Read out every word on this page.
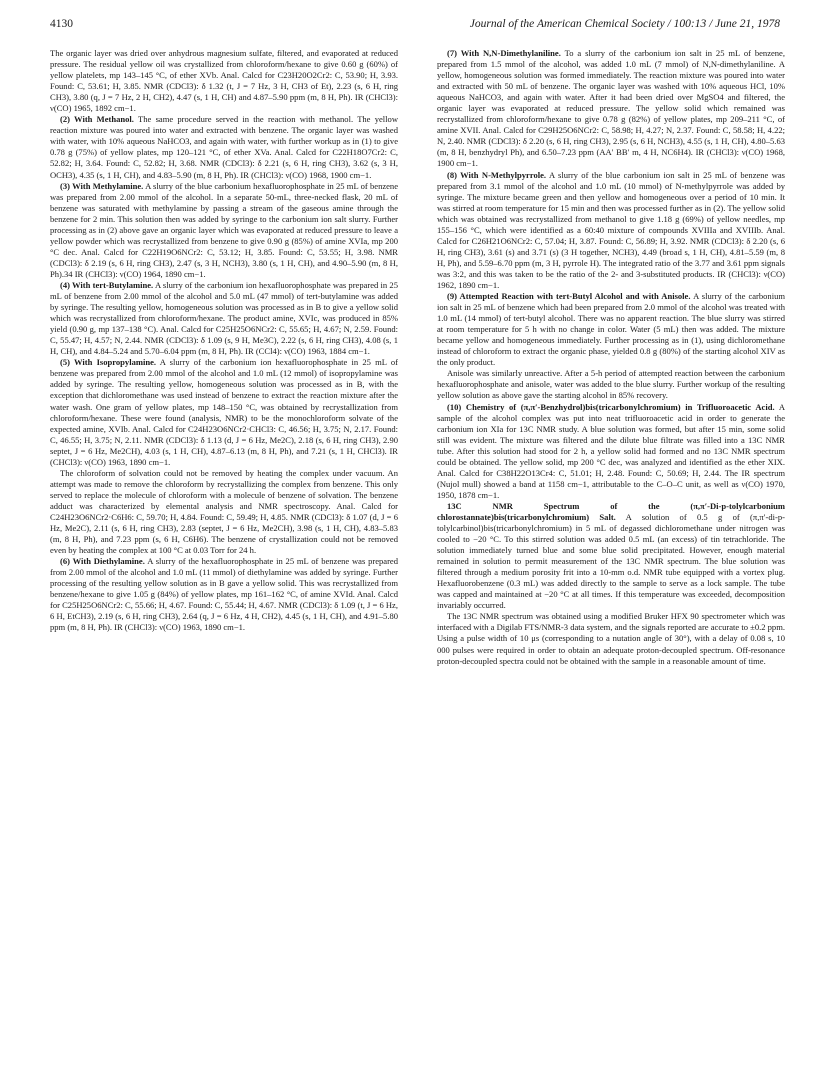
4130	Journal of the American Chemical Society / 100:13 / June 21, 1978

The organic layer was dried over anhydrous magnesium sulfate, filtered, and evaporated at reduced pressure. The residual yellow oil was crystallized from chloroform/hexane to give 0.60 g (60%) of yellow platelets, mp 143–145 °C, of ether XVb. Anal. Calcd for C23H20O2Cr2: C, 53.90; H, 3.93. Found: C, 53.61; H, 3.85. NMR (CDCl3): δ 1.32 (t, J = 7 Hz, 3 H, CH3 of Et), 2.23 (s, 6 H, ring CH3), 3.80 (q, J = 7 Hz, 2 H, CH2), 4.47 (s, 1 H, CH) and 4.87–5.90 ppm (m, 8 H, Ph). IR (CHCl3): ν(CO) 1965, 1892 cm−1.

(2) With Methanol. The same procedure served in the reaction with methanol. The yellow reaction mixture was poured into water and extracted with benzene. The organic layer was washed with water, with 10% aqueous NaHCO3, and again with water, with further workup as in (1) to give 0.78 g (75%) of yellow plates, mp 120–121 °C, of ether XVa. Anal. Calcd for C22H18O7Cr2: C, 52.82; H, 3.64. Found: C, 52.82; H, 3.68. NMR (CDCl3): δ 2.21 (s, 6 H, ring CH3), 3.62 (s, 3 H, OCH3), 4.35 (s, 1 H, CH), and 4.83–5.90 (m, 8 H, Ph). IR (CHCl3): ν(CO) 1968, 1900 cm−1.

(3) With Methylamine. A slurry of the blue carbonium hexafluorophosphate in 25 mL of benzene was prepared from 2.00 mmol of the alcohol. In a separate 50-mL, three-necked flask, 20 mL of benzene was saturated with methylamine by passing a stream of the gaseous amine through the benzene for 2 min. This solution then was added by syringe to the carbonium ion salt slurry. Further processing as in (2) above gave an organic layer which was evaporated at reduced pressure to leave a yellow powder which was recrystallized from benzene to give 0.90 g (85%) of amine XVIa, mp 200 °C dec. Anal. Calcd for C22H19O6NCr2: C, 53.12; H, 3.85. Found: C, 53.55; H, 3.98. NMR (CDCl3): δ 2.19 (s, 6 H, ring CH3), 2.47 (s, 3 H, NCH3), 3.80 (s, 1 H, CH), and 4.90–5.90 (m, 8 H, Ph).34 IR (CHCl3): ν(CO) 1964, 1890 cm−1.

(4) With tert-Butylamine. A slurry of the carbonium ion hexafluorophosphate was prepared in 25 mL of benzene from 2.00 mmol of the alcohol and 5.0 mL (47 mmol) of tert-butylamine was added by syringe. The resulting yellow, homogeneous solution was processed as in B to give a yellow solid which was recrystallized from chloroform/hexane. The product amine, XVIc, was produced in 85% yield (0.90 g, mp 137–138 °C). Anal. Calcd for C25H25O6NCr2: C, 55.65; H, 4.67; N, 2.59. Found: C, 55.47; H, 4.57; N, 2.44. NMR (CDCl3): δ 1.09 (s, 9 H, Me3C), 2.22 (s, 6 H, ring CH3), 4.08 (s, 1 H, CH), and 4.84–5.24 and 5.70–6.04 ppm (m, 8 H, Ph). IR (CCl4): ν(CO) 1963, 1884 cm−1.

(5) With Isopropylamine. A slurry of the carbonium ion hexafluorophosphate in 25 mL of benzene was prepared from 2.00 mmol of the alcohol and 1.0 mL (12 mmol) of isopropylamine was added by syringe. The resulting yellow, homogeneous solution was processed as in B, with the exception that dichloromethane was used instead of benzene to extract the reaction mixture after the water wash. One gram of yellow plates, mp 148–150 °C, was obtained by recrystallization from chloroform/hexane. These were found (analysis, NMR) to be the monochloroform solvate of the expected amine, XVIb. Anal. Calcd for C24H23O6NCr2·CHCl3: C, 46.56; H, 3.75; N, 2.17. Found: C, 46.55; H, 3.75; N, 2.11. NMR (CDCl3): δ 1.13 (d, J = 6 Hz, Me2C), 2.18 (s, 6 H, ring CH3), 2.90 septet, J = 6 Hz, Me2CH), 4.03 (s, 1 H, CH), 4.87–6.13 (m, 8 H, Ph), and 7.21 (s, 1 H, CHCl3). IR (CHCl3): ν(CO) 1963, 1890 cm−1.

The chloroform of solvation could not be removed by heating the complex under vacuum. An attempt was made to remove the chloroform by recrystallizing the complex from benzene. This only served to replace the molecule of chloroform with a molecule of benzene of solvation. The benzene adduct was characterized by elemental analysis and NMR spectroscopy. Anal. Calcd for C24H23O6NCr2·C6H6: C, 59.70; H, 4.84. Found: C, 59.49; H, 4.85. NMR (CDCl3): δ 1.07 (d, J = 6 Hz, Me2C), 2.11 (s, 6 H, ring CH3), 2.83 (septet, J = 6 Hz, Me2CH), 3.98 (s, 1 H, CH), 4.83–5.83 (m, 8 H, Ph), and 7.23 ppm (s, 6 H, C6H6). The benzene of crystallization could not be removed even by heating the complex at 100 °C at 0.03 Torr for 24 h.

(6) With Diethylamine. A slurry of the hexafluorophosphate in 25 mL of benzene was prepared from 2.00 mmol of the alcohol and 1.0 mL (11 mmol) of diethylamine was added by syringe. Further processing of the resulting yellow solution as in B gave a yellow solid. This was recrystallized from benzene/hexane to give 1.05 g (84%) of yellow plates, mp 161–162 °C, of amine XVId. Anal. Calcd for C25H25O6NCr2: C, 55.66; H, 4.67. Found: C, 55.44; H, 4.67. NMR (CDCl3): δ 1.09 (t, J = 6 Hz, 6 H, EtCH3), 2.19 (s, 6 H, ring CH3), 2.64 (q, J = 6 Hz, 4 H, CH2), 4.45 (s, 1 H, CH), and 4.91–5.80 ppm (m, 8 H, Ph). IR (CHCl3): ν(CO) 1963, 1890 cm−1.

(7) With N,N-Dimethylaniline. To a slurry of the carbonium ion salt in 25 mL of benzene, prepared from 1.5 mmol of the alcohol, was added 1.0 mL (7 mmol) of N,N-dimethylaniline. A yellow, homogeneous solution was formed immediately. The reaction mixture was poured into water and extracted with 50 mL of benzene. The organic layer was washed with 10% aqueous HCl, 10% aqueous NaHCO3, and again with water. After it had been dried over MgSO4 and filtered, the organic layer was evaporated at reduced pressure. The yellow solid which remained was recrystallized from chloroform/hexane to give 0.78 g (82%) of yellow plates, mp 209–211 °C, of amine XVII. Anal. Calcd for C29H25O6NCr2: C, 58.98; H, 4.27; N, 2.37. Found: C, 58.58; H, 4.22; N, 2.40. NMR (CDCl3): δ 2.20 (s, 6 H, ring CH3), 2.95 (s, 6 H, NCH3), 4.55 (s, 1 H, CH), 4.80–5.63 (m, 8 H, benzhydryl Ph), and 6.50–7.23 ppm (AA′ BB′ m, 4 H, NC6H4). IR (CHCl3): ν(CO) 1968, 1900 cm−1.

(8) With N-Methylpyrrole. A slurry of the blue carbonium ion salt in 25 mL of benzene was prepared from 3.1 mmol of the alcohol and 1.0 mL (10 mmol) of N-methylpyrrole was added by syringe. The mixture became green and then yellow and homogeneous over a period of 10 min. It was stirred at room temperature for 15 min and then was processed further as in (2). The yellow solid which was obtained was recrystallized from methanol to give 1.18 g (69%) of yellow needles, mp 155–156 °C, which were identified as a 60:40 mixture of compounds XVIIIa and XVIIIb. Anal. Calcd for C26H21O6NCr2: C, 57.04; H, 3.87. Found: C, 56.89; H, 3.92. NMR (CDCl3): δ 2.20 (s, 6 H, ring CH3), 3.61 (s) and 3.71 (s) (3 H together, NCH3), 4.49 (broad s, 1 H, CH), 4.81–5.59 (m, 8 H, Ph), and 5.59–6.70 ppm (m, 3 H, pyrrole H). The integrated ratio of the 3.77 and 3.61 ppm signals was 3:2, and this was taken to be the ratio of the 2- and 3-substituted products. IR (CHCl3): ν(CO) 1962, 1890 cm−1.

(9) Attempted Reaction with tert-Butyl Alcohol and with Anisole. A slurry of the carbonium ion salt in 25 mL of benzene which had been prepared from 2.0 mmol of the alcohol was treated with 1.0 mL (14 mmol) of tert-butyl alcohol. There was no apparent reaction. The blue slurry was stirred at room temperature for 5 h with no change in color. Water (5 mL) then was added. The mixture became yellow and homogeneous immediately. Further processing as in (1), using dichloromethane instead of chloroform to extract the organic phase, yielded 0.8 g (80%) of the starting alcohol XIV as the only product.

Anisole was similarly unreactive. After a 5-h period of attempted reaction between the carbonium hexafluorophosphate and anisole, water was added to the blue slurry. Further workup of the resulting yellow solution as above gave the starting alcohol in 85% recovery.

(10) Chemistry of (π,π′-Benzhydrol)bis(tricarbonylchromium) in Trifluoroacetic Acid. A sample of the alcohol complex was put into neat trifluoroacetic acid in order to generate the carbonium ion XIa for 13C NMR study. A blue solution was formed, but after 15 min, some solid still was evident. The mixture was filtered and the dilute blue filtrate was filled into a 13C NMR tube. After this solution had stood for 2 h, a yellow solid had formed and no 13C NMR spectrum could be obtained. The yellow solid, mp 200 °C dec, was analyzed and identified as the ether XIX. Anal. Calcd for C38H22O13Cr4: C, 51.01; H, 2.48. Found: C, 50.69; H, 2.44. The IR spectrum (Nujol mull) showed a band at 1158 cm−1, attributable to the C–O–C unit, as well as ν(CO) 1970, 1950, 1878 cm−1.

13C NMR Spectrum of the (π,π′-Di-p-tolylcarbonium chlorostannate)bis(tricarbonylchromium) Salt. A solution of 0.5 g of (π,π′-di-p-tolylcarbinol)bis(tricarbonylchromium) in 5 mL of degassed dichloromethane under nitrogen was cooled to −20 °C. To this stirred solution was added 0.5 mL (an excess) of tin tetrachloride. The solution immediately turned blue and some blue solid precipitated. However, enough material remained in solution to permit measurement of the 13C NMR spectrum. The blue solution was filtered through a medium porosity frit into a 10-mm o.d. NMR tube equipped with a vortex plug. Hexafluorobenzene (0.3 mL) was added directly to the sample to serve as a lock sample. The tube was capped and maintained at −20 °C at all times. If this temperature was exceeded, decomposition invariably occurred.

The 13C NMR spectrum was obtained using a modified Bruker HFX 90 spectrometer which was interfaced with a Digilab FTS/NMR-3 data system, and the signals reported are accurate to ±0.2 ppm. Using a pulse width of 10 μs (corresponding to a nutation angle of 30°), with a delay of 0.08 s, 10 000 pulses were required in order to obtain an adequate proton-decoupled spectrum. Off-resonance proton-decoupled spectra could not be obtained with the sample in a reasonable amount of time.
